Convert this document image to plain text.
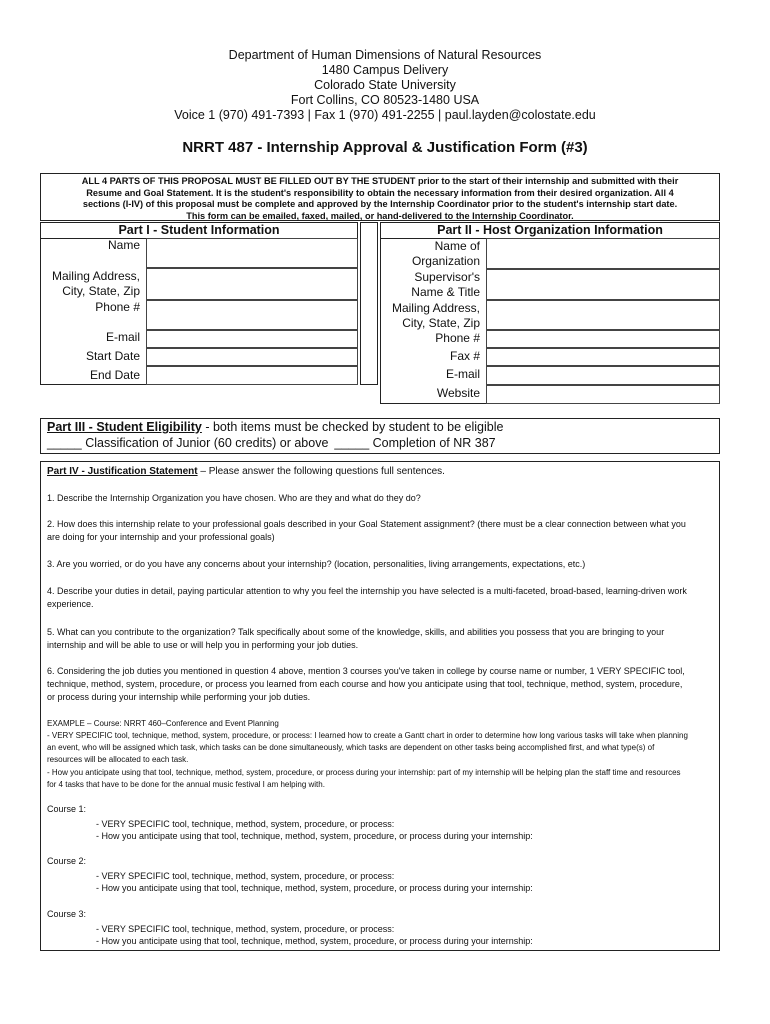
Department of Human Dimensions of Natural Resources
1480 Campus Delivery
Colorado State University
Fort Collins, CO 80523-1480 USA
Voice 1 (970) 491-7393 | Fax 1 (970) 491-2255 | paul.layden@colostate.edu
NRRT 487 - Internship Approval & Justification Form (#3)
ALL 4 PARTS OF THIS PROPOSAL MUST BE FILLED OUT BY THE STUDENT prior to the start of their internship and submitted with their
Resume and Goal Statement. It is the student's responsibility to obtain the necessary information from their desired organization. All 4
sections (I-IV) of this proposal must be complete and approved by the Internship Coordinator prior to the student's internship start date.
This form can be emailed, faxed, mailed, or hand-delivered to the Internship Coordinator.
Part I - Student Information
Name
Mailing Address,
City, State, Zip
Phone #
E-mail
Start Date
End Date
Part II - Host Organization Information
Name of
Organization
Supervisor's
Name & Title
Mailing Address,
City, State, Zip
Phone #
Fax #
E-mail
Website
Part III - Student Eligibility - both items must be checked by student to be eligible
_____ Classification of Junior (60 credits) or above _____ Completion of NR 387
Part IV - Justification Statement – Please answer the following questions full sentences.
1. Describe the Internship Organization you have chosen. Who are they and what do they do?
2. How does this internship relate to your professional goals described in your Goal Statement assignment? (there must be a clear connection between what you
are doing for your internship and your professional goals)
3. Are you worried, or do you have any concerns about your internship? (location, personalities, living arrangements, expectations, etc.)
4. Describe your duties in detail, paying particular attention to why you feel the internship you have selected is a multi-faceted, broad-based, learning-driven work
experience.
5. What can you contribute to the organization? Talk specifically about some of the knowledge, skills, and abilities you possess that you are bringing to your
internship and will be able to use or will help you in performing your job duties.
6. Considering the job duties you mentioned in question 4 above, mention 3 courses you've taken in college by course name or number, 1 VERY SPECIFIC tool,
technique, method, system, procedure, or process you learned from each course and how you anticipate using that tool, technique, method, system, procedure,
or process during your internship while performing your job duties.
EXAMPLE – Course: NRRT 460–Conference and Event Planning
- VERY SPECIFIC tool, technique, method, system, procedure, or process: I learned how to create a Gantt chart in order to determine how long various tasks will take when planning
an event, who will be assigned which task, which tasks can be done simultaneously, which tasks are dependent on other tasks being accomplished first, and what type(s) of
resources will be allocated to each task.
- How you anticipate using that tool, technique, method, system, procedure, or process during your internship: part of my internship will be helping plan the staff time and resources
for 4 tasks that have to be done for the annual music festival I am helping with.
Course 1:
- VERY SPECIFIC tool, technique, method, system, procedure, or process:
- How you anticipate using that tool, technique, method, system, procedure, or process during your internship:
Course 2:
- VERY SPECIFIC tool, technique, method, system, procedure, or process:
- How you anticipate using that tool, technique, method, system, procedure, or process during your internship:
Course 3:
- VERY SPECIFIC tool, technique, method, system, procedure, or process:
- How you anticipate using that tool, technique, method, system, procedure, or process during your internship:
